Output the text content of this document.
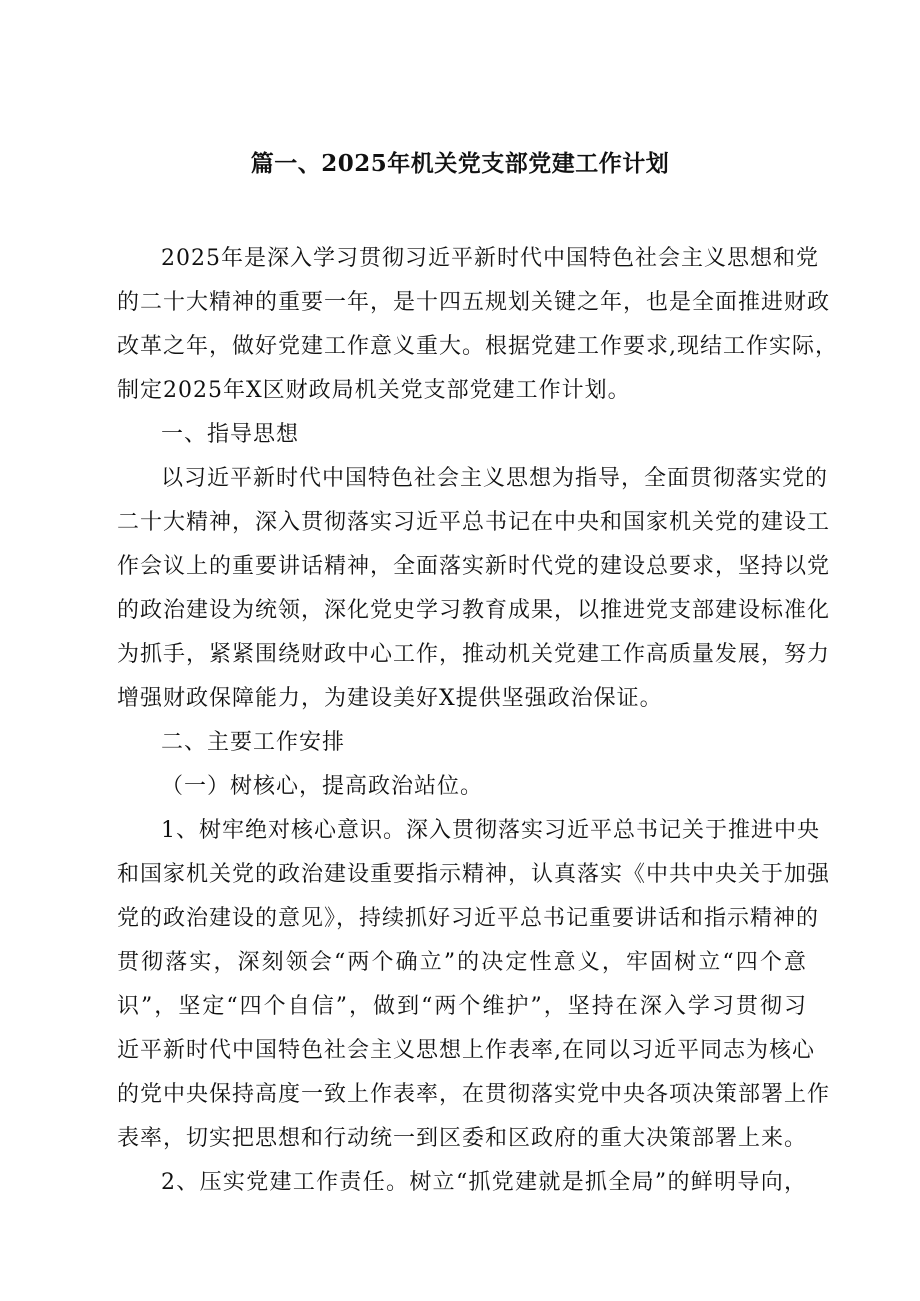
篇一、2025年机关党支部党建工作计划
2025年是深入学习贯彻习近平新时代中国特色社会主义思想和党
的二十大精神的重要一年，是十四五规划关键之年，也是全面推进财政
改革之年，做好党建工作意义重大。根据党建工作要求,现结工作实际，
制定2025年X区财政局机关党支部党建工作计划。
一、指导思想
以习近平新时代中国特色社会主义思想为指导，全面贯彻落实党的
二十大精神，深入贯彻落实习近平总书记在中央和国家机关党的建设工
作会议上的重要讲话精神，全面落实新时代党的建设总要求，坚持以党
的政治建设为统领，深化党史学习教育成果，以推进党支部建设标准化
为抓手，紧紧围绕财政中心工作，推动机关党建工作高质量发展，努力
增强财政保障能力，为建设美好X提供坚强政治保证。
二、主要工作安排
（一）树核心，提高政治站位。
1、树牢绝对核心意识。深入贯彻落实习近平总书记关于推进中央
和国家机关党的政治建设重要指示精神，认真落实《中共中央关于加强
党的政治建设的意见》，持续抓好习近平总书记重要讲话和指示精神的
贯彻落实，深刻领会“两个确立”的决定性意义，牢固树立“四个意
识”，坚定“四个自信”，做到“两个维护”，坚持在深入学习贯彻习
近平新时代中国特色社会主义思想上作表率,在同以习近平同志为核心
的党中央保持高度一致上作表率，在贯彻落实党中央各项决策部署上作
表率，切实把思想和行动统一到区委和区政府的重大决策部署上来。
2、压实党建工作责任。树立“抓党建就是抓全局”的鲜明导向，
